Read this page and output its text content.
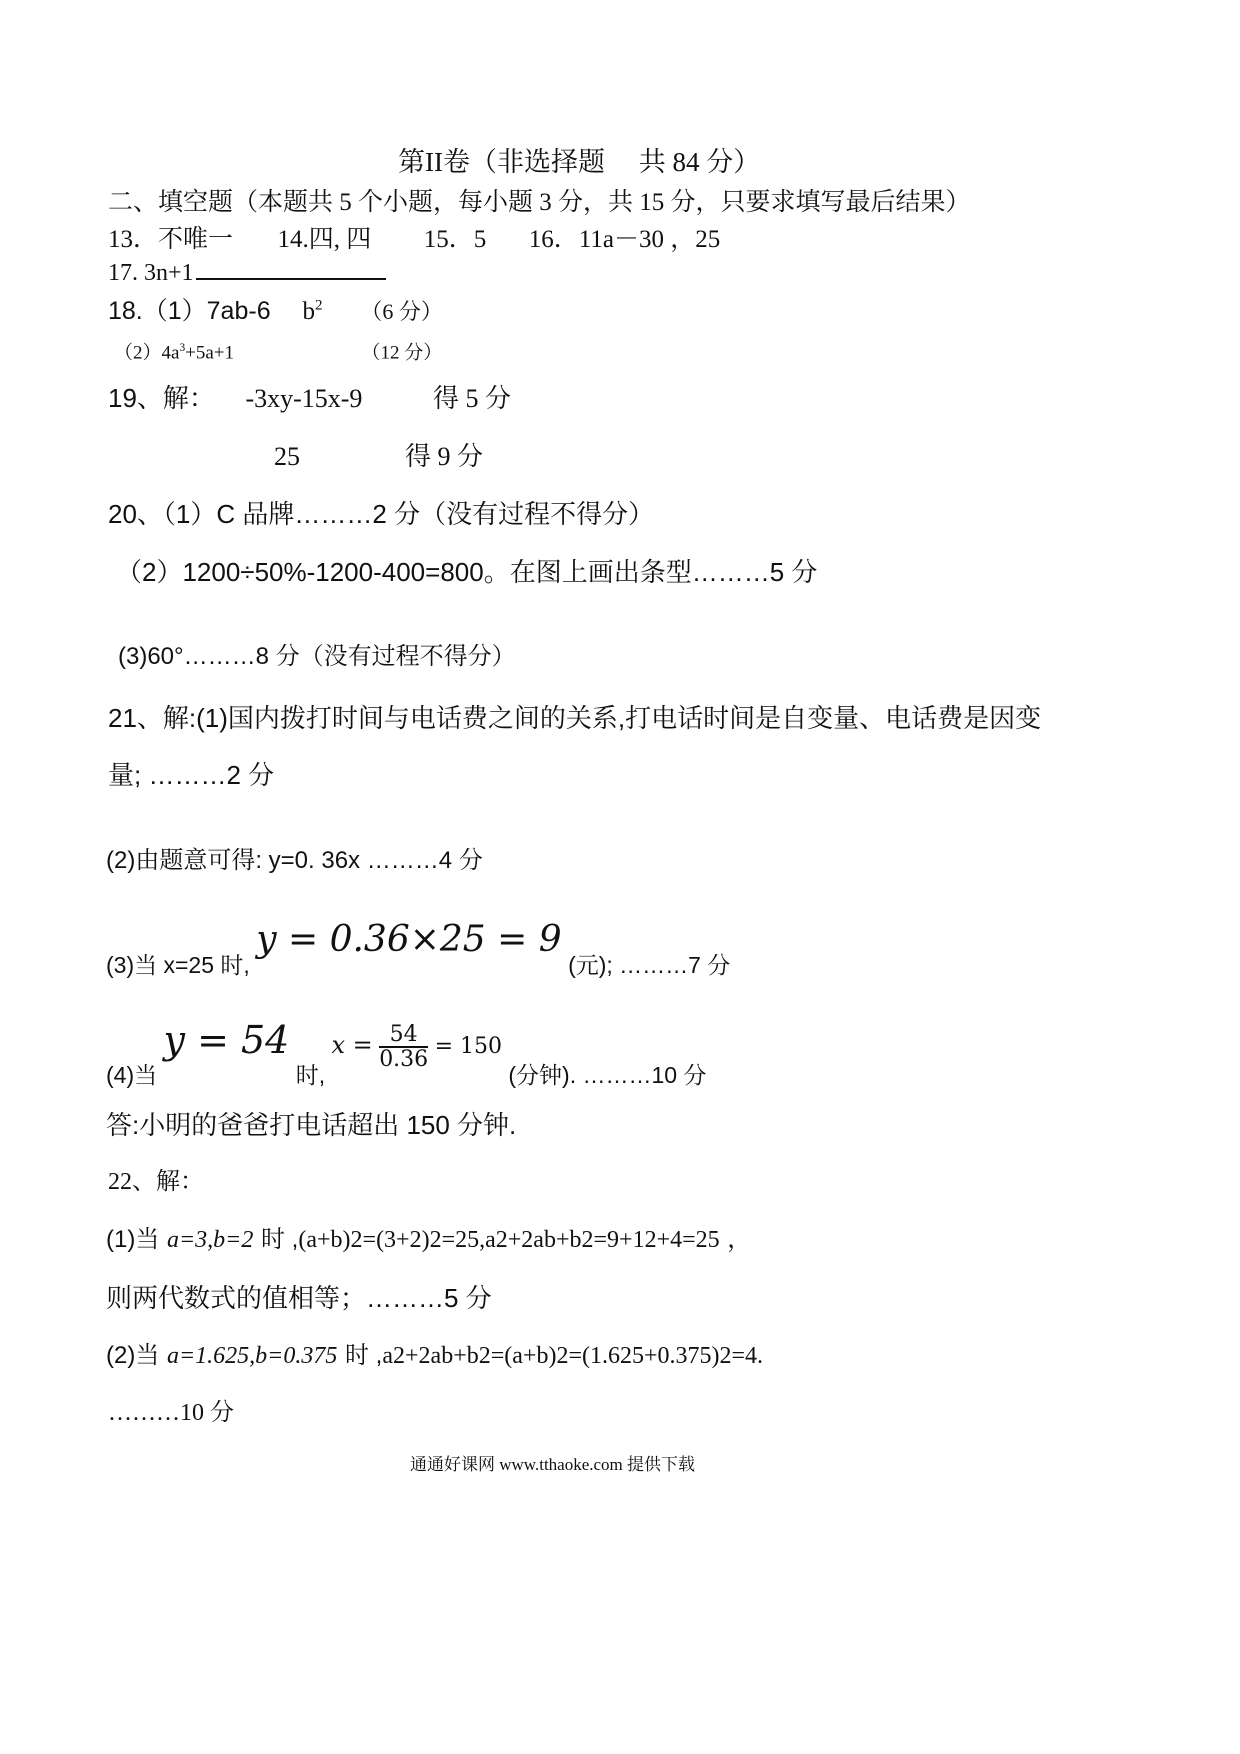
第II卷（非选择题　 共 84 分）
二、填空题（本题共 5 个小题，每小题 3 分，共 15 分，只要求填写最后结果）
13．不唯一 14.四, 四 15．5 16．11a－30 ，25
17. 3n+1
18.（1）7ab-6 $b^2$ （6 分）
$(2)4a^3+5a+1$	（12 分）
19、解： -3xy-15x-9	得 5 分
25	得 9 分
20、（1）C 品牌………2 分（没有过程不得分）
（2）1200÷50%-1200-400=800。在图上画出条型………5 分
(3)60°………8 分（没有过程不得分）
21、解:(1)国内拨打时间与电话费之间的关系,打电话时间是自变量、电话费是因变
量; ………2 分
(2)由题意可得: y=0. 36x ………4 分
(3)当 x=25 时, y = 0.36×25 = 9 (元); ………7 分
(4)当 y = 54 时, $x = \frac{54}{0.36} = 150$ (分钟). ………10 分
答:小明的爸爸打电话超出 150 分钟.
22、解：
(1)当 a=3,b=2 时 ,(a+b)2=(3+2)2=25,a2+2ab+b2=9+12+4=25 ，
则两代数式的值相等；………5 分
(2)当 a=1.625,b=0.375 时 ,a2+2ab+b2=(a+b)2=(1.625+0.375)2=4.
………10 分
通通好课网 www.tthaoke.com 提供下载
